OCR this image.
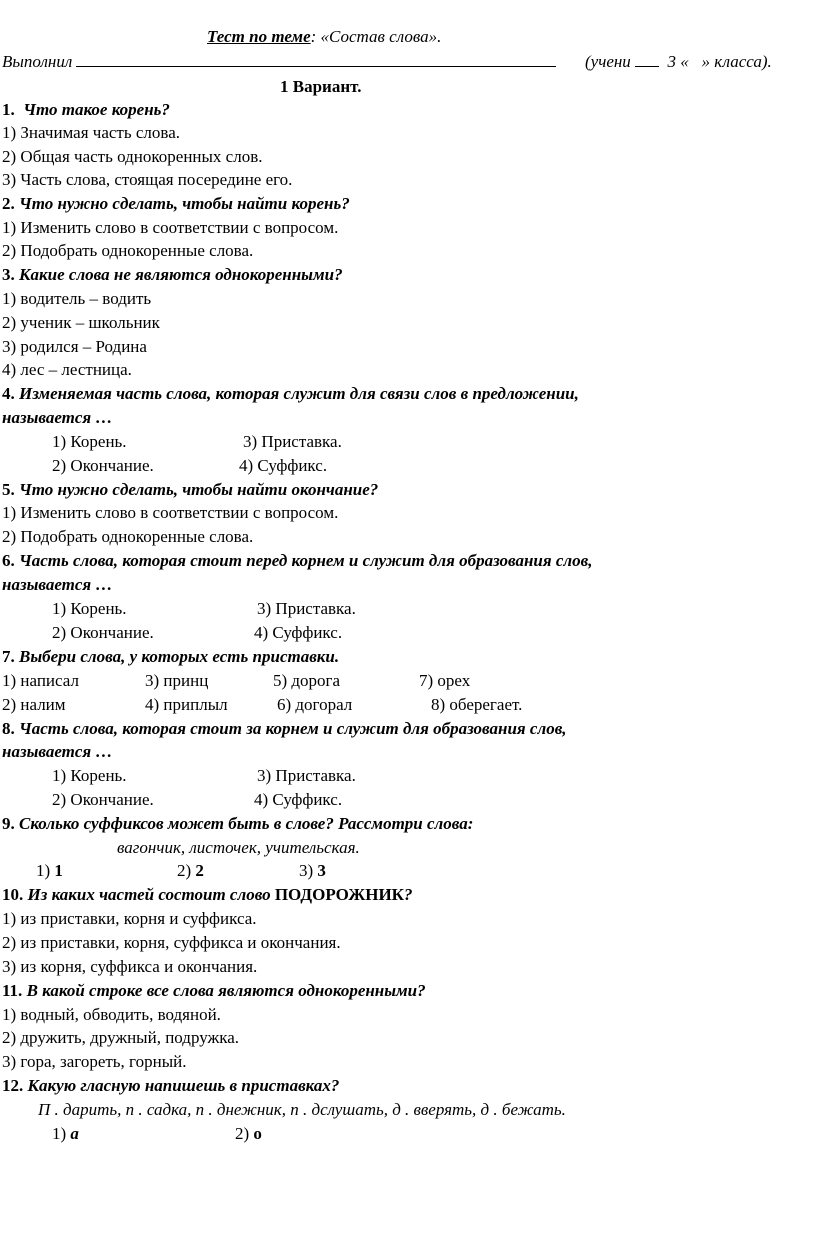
Тест по теме: «Состав слова».
Выполнил	(учени 3 « » класса).
1 Вариант.
1. Что такое корень?
1) Значимая часть слова.
2) Общая часть однокоренных слов.
3) Часть слова, стоящая посередине его.
2. Что нужно сделать, чтобы найти корень?
1) Изменить слово в соответствии с вопросом.
2) Подобрать однокоренные слова.
3. Какие слова не являются однокоренными?
1) водитель – водить
2) ученик – школьник
3) родился – Родина
4) лес – лестница.
4. Изменяемая часть слова, которая служит для связи слов в предложении,
называется …
1) Корень.	3) Приставка.
2) Окончание.	4) Суффикс.
5. Что нужно сделать, чтобы найти окончание?
1) Изменить слово в соответствии с вопросом.
2) Подобрать однокоренные слова.
6. Часть слова, которая стоит перед корнем и служит для образования слов,
называется …
1) Корень.	3) Приставка.
2) Окончание.	4) Суффикс.
7. Выбери слова, у которых есть приставки.
1) написал	3) принц	5) дорога	7) орех
2) налим	4) приплыл	6) догорал	8) оберегает.
8. Часть слова, которая стоит за корнем и служит для образования слов,
называется …
1) Корень.	3) Приставка.
2) Окончание.	4) Суффикс.
9. Сколько суффиксов может быть в слове? Рассмотри слова:
вагончик, листочек, учительская.
1) 1	2) 2	3) 3
10. Из каких частей состоит слово ПОДОРОЖНИК?
1) из приставки, корня и суффикса.
2) из приставки, корня, суффикса и окончания.
3) из корня, суффикса и окончания.
11. В какой строке все слова являются однокоренными?
1) водный, обводить, водяной.
2) дружить, дружный, подружка.
3) гора, загореть, горный.
12. Какую гласную напишешь в приставках?
П . дарить, п . садка, п . днежник, п . дслушать, д . вверять, д . бежать.
1) а	2) о
